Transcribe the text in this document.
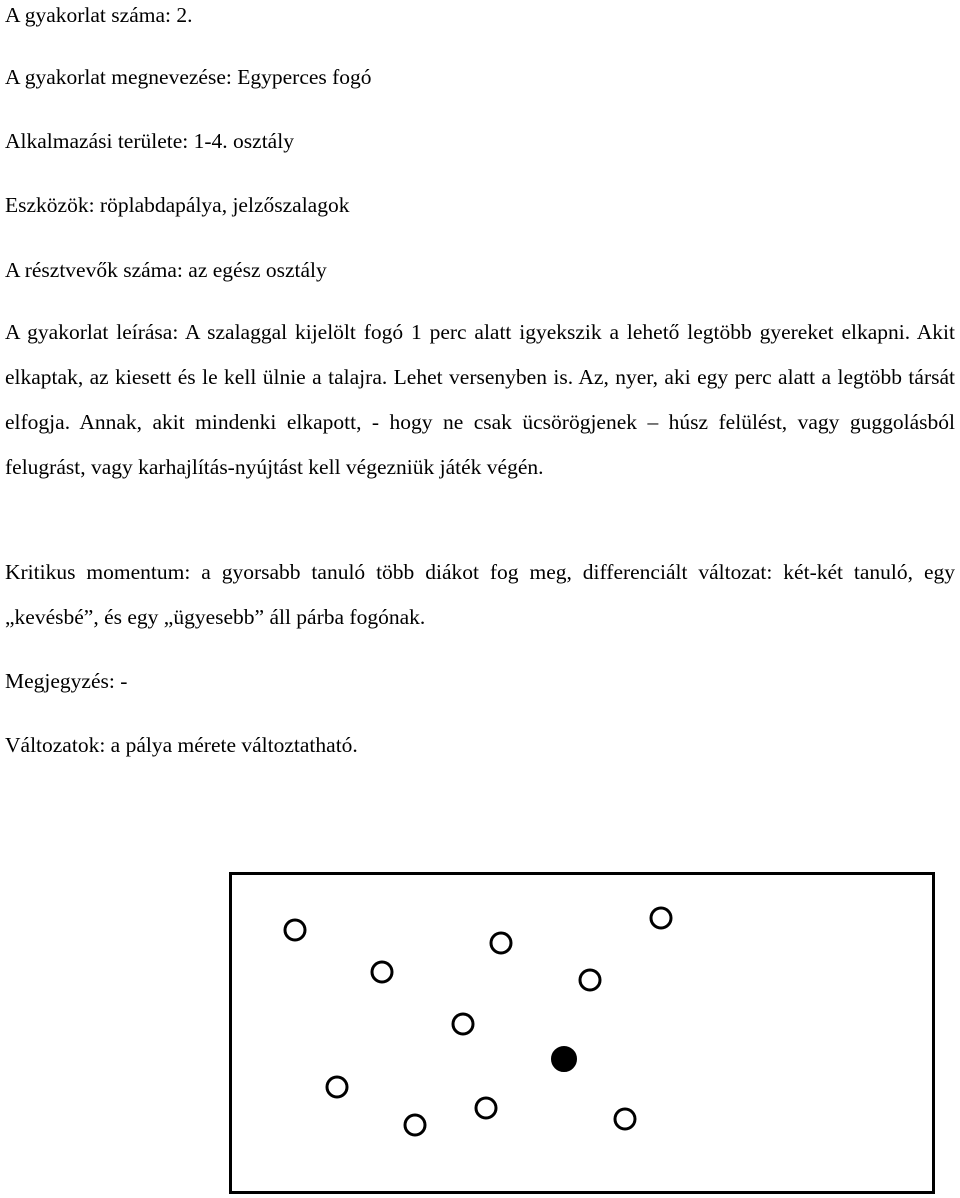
A gyakorlat száma: 2.

A gyakorlat megnevezése: Egyperces fogó

Alkalmazási területe: 1-4. osztály

Eszközök: röplabdapálya, jelzőszalagok

A résztvevők száma: az egész osztály

A gyakorlat leírása: A szalaggal kijelölt fogó 1 perc alatt igyekszik a lehető legtöbb gyereket elkapni. Akit elkaptak, az kiesett és le kell ülnie a talajra. Lehet versenyben is. Az, nyer, aki egy perc alatt a legtöbb társát elfogja. Annak, akit mindenki elkapott, - hogy ne csak ücsörögjenek – húsz felülést, vagy guggolásból felugrást, vagy karhajlítás-nyújtást kell végezniük játék végén.

Kritikus momentum: a gyorsabb tanuló több diákot fog meg, differenciált változat: két-két tanuló, egy „kevésbé”, és egy „ügyesebb” áll párba fogónak.

Megjegyzés: -

Változatok: a pálya mérete változtatható.
